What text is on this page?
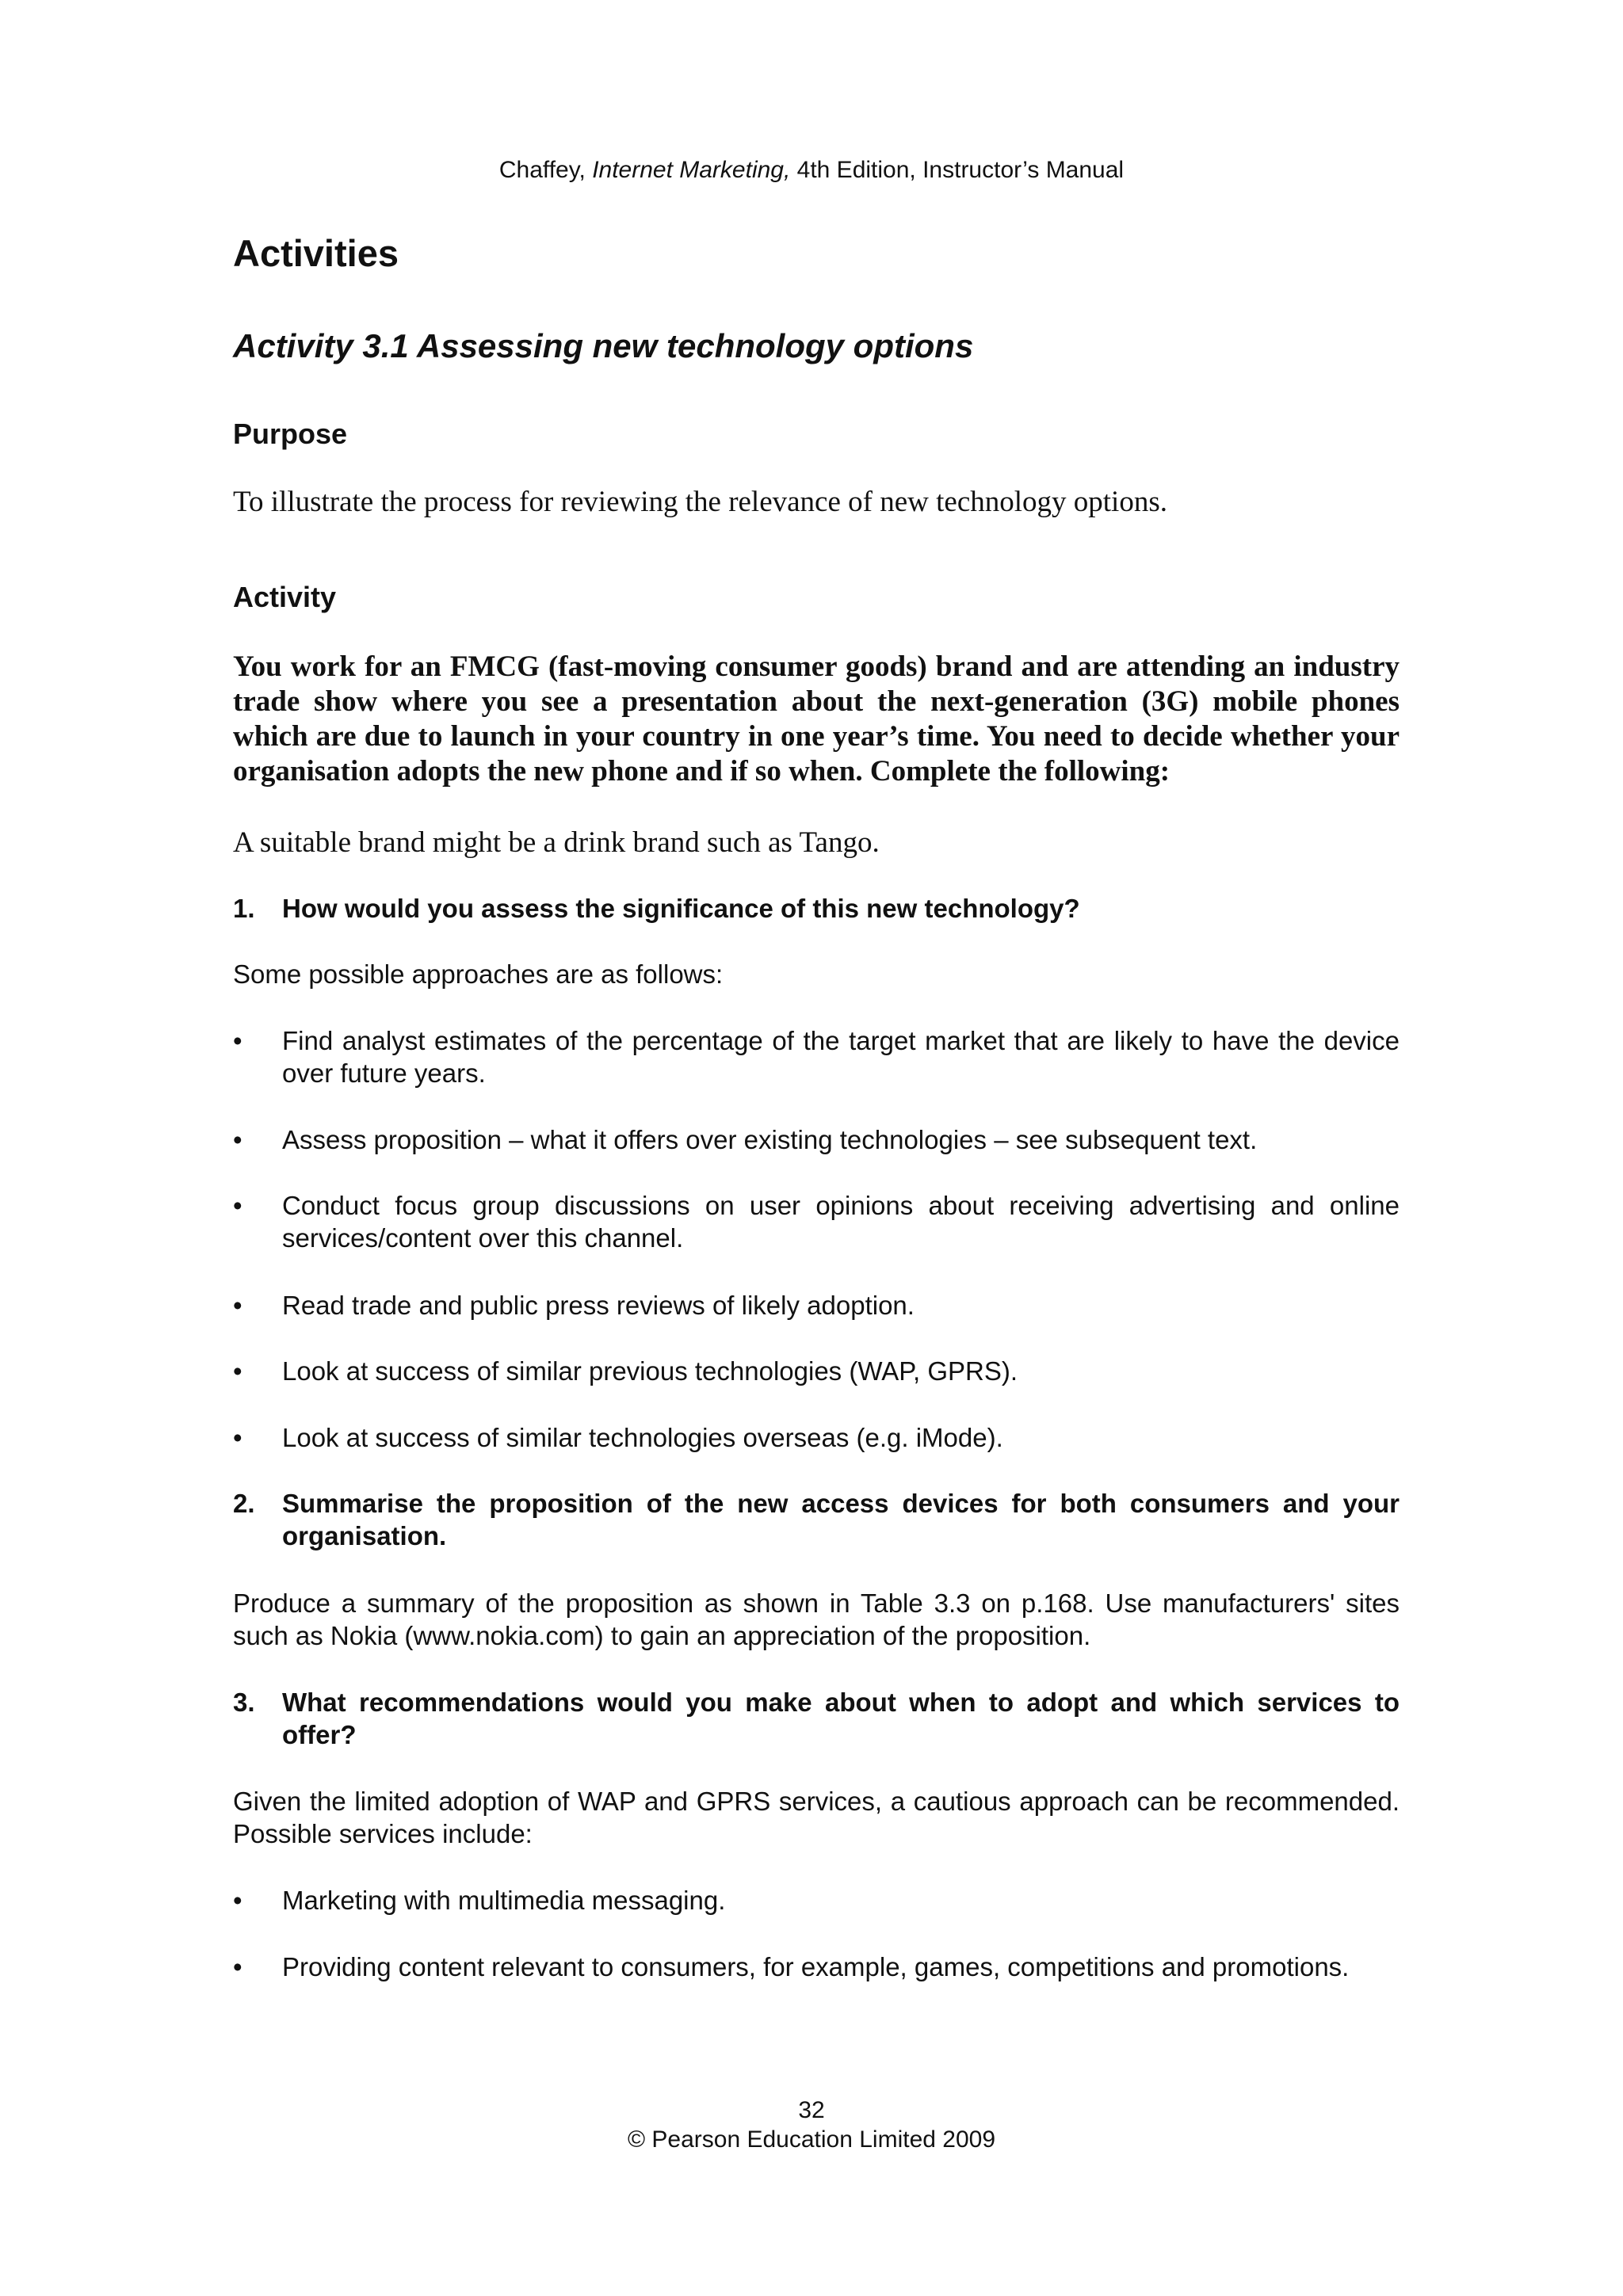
Chaffey, Internet Marketing, 4th Edition, Instructor’s Manual

Activities
Activity 3.1 Assessing new technology options
Purpose

To illustrate the process for reviewing the relevance of new technology options.

Activity

You work for an FMCG (fast-moving consumer goods) brand and are attending an industry trade show where you see a presentation about the next-generation (3G) mobile phones which are due to launch in your country in one year’s time. You need to decide whether your organisation adopts the new phone and if so when. Complete the following:

A suitable brand might be a drink brand such as Tango.

1. How would you assess the significance of this new technology?

Some possible approaches are as follows:

• Find analyst estimates of the percentage of the target market that are likely to have the device over future years.
• Assess proposition – what it offers over existing technologies – see subsequent text.
• Conduct focus group discussions on user opinions about receiving advertising and online services/content over this channel.
• Read trade and public press reviews of likely adoption.
• Look at success of similar previous technologies (WAP, GPRS).
• Look at success of similar technologies overseas (e.g. iMode).
2. Summarise the proposition of the new access devices for both consumers and your organisation.

Produce a summary of the proposition as shown in Table 3.3 on p.168. Use manufacturers' sites such as Nokia (www.nokia.com) to gain an appreciation of the proposition.

3. What recommendations would you make about when to adopt and which services to offer?

Given the limited adoption of WAP and GPRS services, a cautious approach can be recommended. Possible services include:

• Marketing with multimedia messaging.
• Providing content relevant to consumers, for example, games, competitions and promotions.

32

© Pearson Education Limited 2009
